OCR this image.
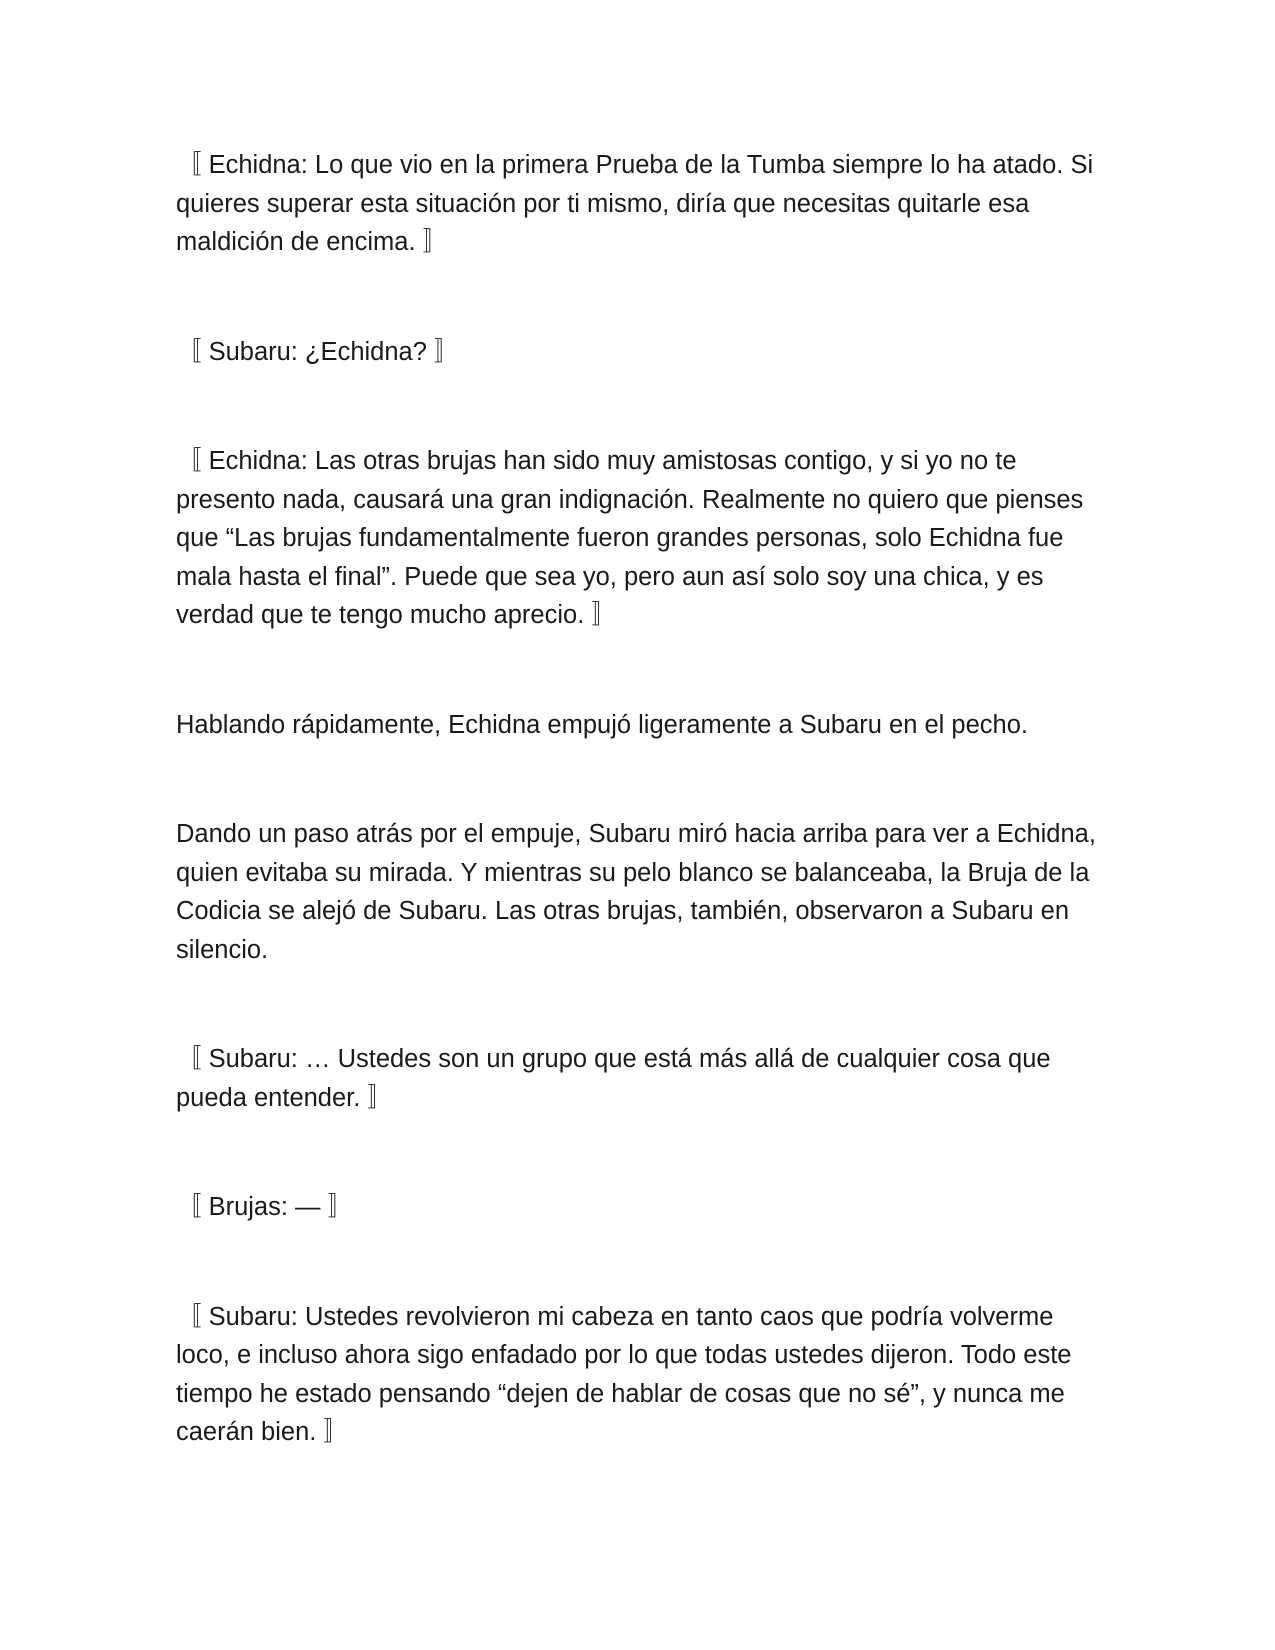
〚 Echidna: Lo que vio en la primera Prueba de la Tumba siempre lo ha atado. Si quieres superar esta situación por ti mismo, diría que necesitas quitarle esa maldición de encima. 〛

〚 Subaru: ¿Echidna? 〛

〚 Echidna: Las otras brujas han sido muy amistosas contigo, y si yo no te presento nada, causará una gran indignación. Realmente no quiero que pienses que “Las brujas fundamentalmente fueron grandes personas, solo Echidna fue mala hasta el final”. Puede que sea yo, pero aun así solo soy una chica, y es verdad que te tengo mucho aprecio. 〛

Hablando rápidamente, Echidna empujó ligeramente a Subaru en el pecho.

Dando un paso atrás por el empuje, Subaru miró hacia arriba para ver a Echidna, quien evitaba su mirada. Y mientras su pelo blanco se balanceaba, la Bruja de la Codicia se alejó de Subaru. Las otras brujas, también, observaron a Subaru en silencio.

〚 Subaru: … Ustedes son un grupo que está más allá de cualquier cosa que pueda entender. 〛

〚 Brujas: — 〛

〚 Subaru: Ustedes revolvieron mi cabeza en tanto caos que podría volverme loco, e incluso ahora sigo enfadado por lo que todas ustedes dijeron. Todo este tiempo he estado pensando “dejen de hablar de cosas que no sé”, y nunca me caerán bien. 〛
